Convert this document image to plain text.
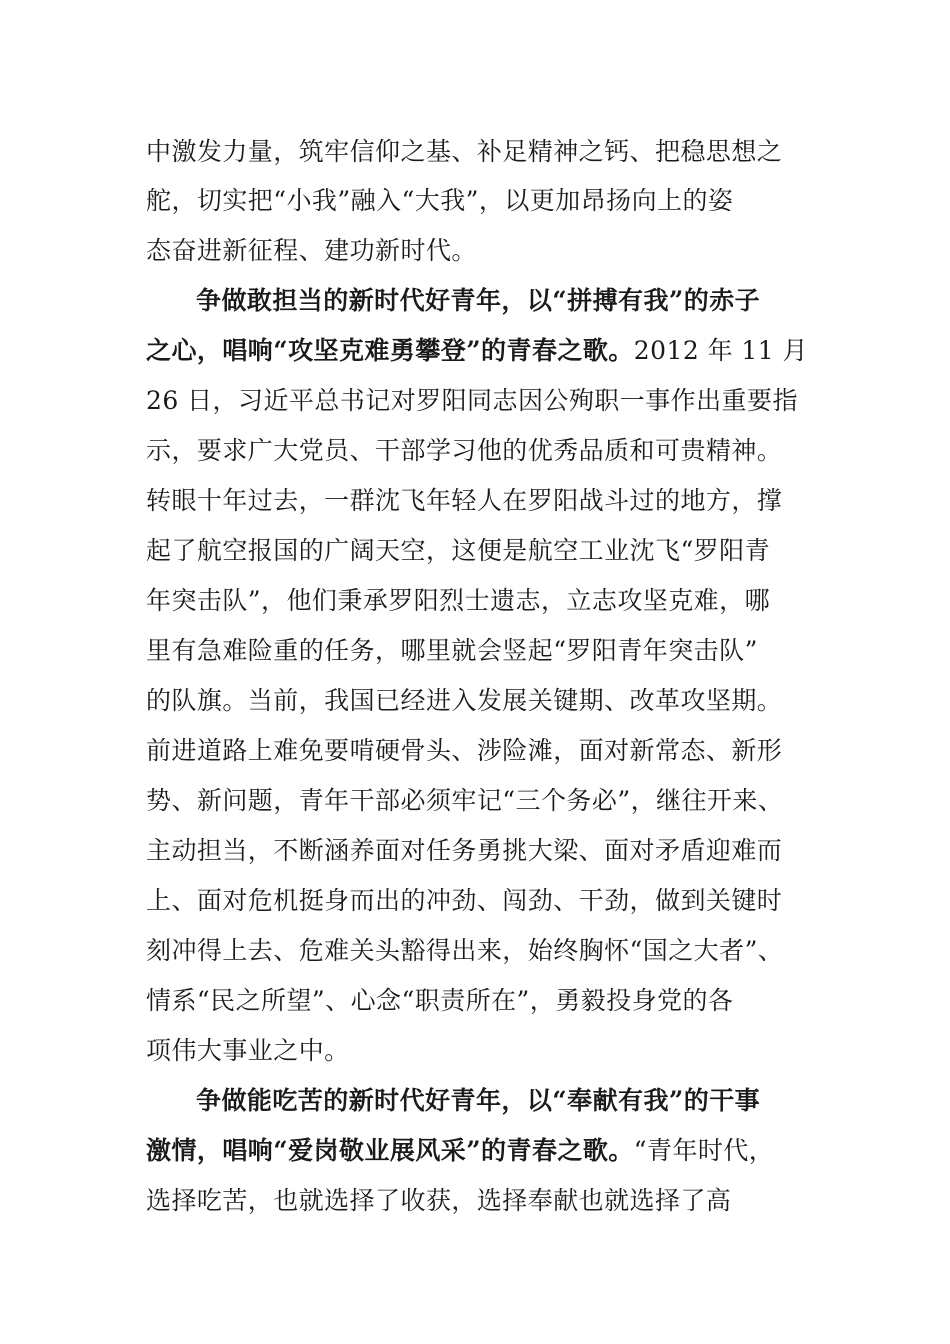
中激发力量，筑牢信仰之基、补足精神之钙、把稳思想之
舵，切实把“小我”融入“大我”，以更加昂扬向上的姿
态奋进新征程、建功新时代。
争做敢担当的新时代好青年，以“拼搏有我”的赤子
之心，唱响“攻坚克难勇攀登”的青春之歌。2012 年 11 月
26 日，习近平总书记对罗阳同志因公殉职一事作出重要指
示，要求广大党员、干部学习他的优秀品质和可贵精神。
转眼十年过去，一群沈飞年轻人在罗阳战斗过的地方，撑
起了航空报国的广阔天空，这便是航空工业沈飞“罗阳青
年突击队”，他们秉承罗阳烈士遗志，立志攻坚克难，哪
里有急难险重的任务，哪里就会竖起“罗阳青年突击队”
的队旗。当前，我国已经进入发展关键期、改革攻坚期。
前进道路上难免要啃硬骨头、涉险滩，面对新常态、新形
势、新问题，青年干部必须牢记“三个务必”，继往开来、
主动担当，不断涵养面对任务勇挑大梁、面对矛盾迎难而
上、面对危机挺身而出的冲劲、闯劲、干劲，做到关键时
刻冲得上去、危难关头豁得出来，始终胸怀“国之大者”、
情系“民之所望”、心念“职责所在”，勇毅投身党的各
项伟大事业之中。
争做能吃苦的新时代好青年，以“奉献有我”的干事
激情，唱响“爱岗敬业展风采”的青春之歌。“青年时代，
选择吃苦，也就选择了收获，选择奉献也就选择了高
